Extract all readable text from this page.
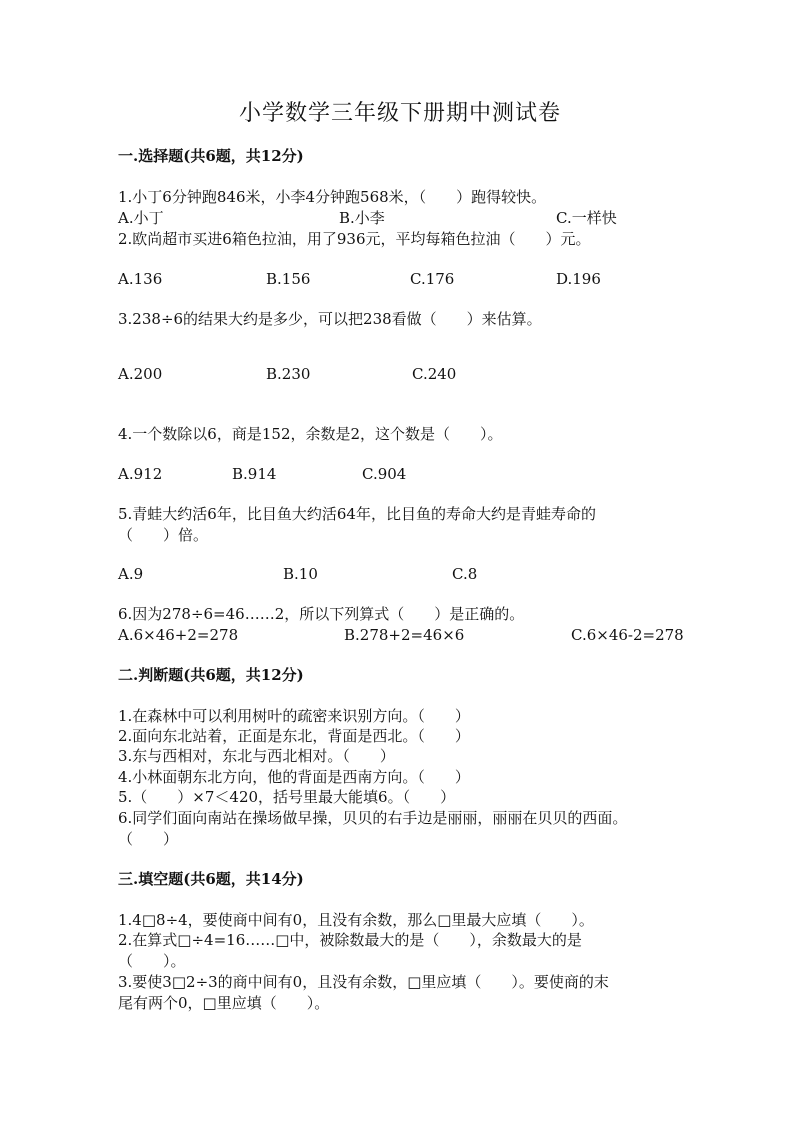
小学数学三年级下册期中测试卷
一.选择题(共6题，共12分)
1.小丁6分钟跑846米，小李4分钟跑568米，（　　）跑得较快。
A.小丁	B.小李	C.一样快
2.欧尚超市买进6箱色拉油，用了936元，平均每箱色拉油（　　）元。
A.136	B.156	C.176	D.196
3.238÷6的结果大约是多少，可以把238看做（　　）来估算。
A.200	B.230	C.240
4.一个数除以6，商是152，余数是2，这个数是（　　）。
A.912	B.914	C.904
5.青蛙大约活6年，比目鱼大约活64年，比目鱼的寿命大约是青蛙寿命的
（　　）倍。
A.9	B.10	C.8
6.因为278÷6=46……2，所以下列算式（　　）是正确的。
A.6×46+2=278	B.278+2=46×6	C.6×46-2=278
二.判断题(共6题，共12分)
1.在森林中可以利用树叶的疏密来识别方向。（　　）
2.面向东北站着，正面是东北，背面是西北。（　　）
3.东与西相对，东北与西北相对。（　　）
4.小林面朝东北方向，他的背面是西南方向。（　　）
5.（　　）×7＜420，括号里最大能填6。（　　）
6.同学们面向南站在操场做早操，贝贝的右手边是丽丽，丽丽在贝贝的西面。
（　　）
三.填空题(共6题，共14分)
1.4□8÷4，要使商中间有0，且没有余数，那么□里最大应填（　　）。
2.在算式□÷4=16……□中，被除数最大的是（　　），余数最大的是
（　　）。
3.要使3□2÷3的商中间有0，且没有余数，□里应填（　　）。要使商的末
尾有两个0，□里应填（　　）。
